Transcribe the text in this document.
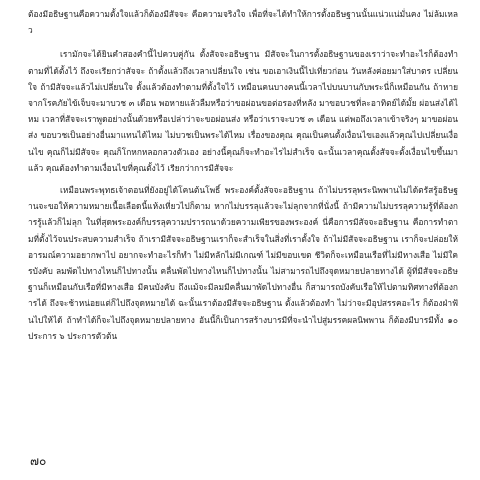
ต้องมีอธิษฐานคือความตั้งใจแล้วก็ต้องมีสัจจะ คือความจริงใจ เพื่อที่จะได้ทำให้การตั้งอธิษฐานนั้นแน่วแน่มั่นคง ไม่ล้มเหลว

เรามักจะได้ยินคำสองคำนี้ไปควบคู่กัน ตั้งสัจจะอธิษฐาน มีสัจจะในการตั้งอธิษฐานของเราว่าจะทำอะไรก็ต้องทำตามที่ได้ตั้งไว้ ถึงจะเรียกว่าสัจจะ ถ้าตั้งแล้วถึงเวลาเปลี่ยนใจ เช่น ขอเอาเงินนี้ไปเที่ยวก่อน วันหลังค่อยมาใส่บาตร เปลี่ยนใจ ถ้ามีสัจจะแล้วไม่เปลี่ยนใจ ตั้งแล้วต้องทำตามที่ตั้งใจไว้ เหมือนคนบางคนนี้เวลาไปบนบานกับพระนี่ก็เหมือนกัน ถ้าหายจากโรคภัยไข้เจ็บจะมาบวช ๓ เดือน พอหายแล้วลืมหรือว่าขอผ่อนขอต่อรองที่หลัง มาขอบวชที่ละอาทิตย์ได้มั้ย ผ่อนส่งได้ไหม เวลาที่สัจจะเราพูดอย่างนั้นด้วยหรือเปล่าว่าจะขอผ่อนส่ง หรือว่าเราจะบวช ๓ เดือน แต่พอถึงเวลาเข้าจริงๆ มาขอผ่อนส่ง ขอบวชเป็นอย่างอื่นมาแทนได้ไหม ไม่บวชเป็นพระได้ไหม เรื่องของคุณ คุณเป็นคนตั้งเงื่อนไขเองแล้วคุณไปเปลี่ยนเงื่อนไข คุณก็ไม่มีสัจจะ คุณก็โกหกหลอกลวงตัวเอง อย่างนี้คุณก็จะทำอะไรไม่สำเร็จ ฉะนั้นเวลาคุณตั้งสัจจะตั้งเงื่อนไขขึ้นมาแล้ว คุณต้องทำตามเงื่อนไขที่คุณตั้งไว้ เรียกว่าการมีสัจจะ

เหมือนพระพุทธเจ้าตอนที่ยังอยู่ได้โคนต้นโพธิ์ พระองค์ตั้งสัจจะอธิษฐาน ถ้าไม่บรรลุพระนิพพานไม่ได้ตรัสรู้อธิษฐานจะขอให้ความหมายเนื้อเลือดนี้แห้งเหี่ยวไปก็ตาม หากไม่บรรลุแล้วจะไม่ลุกจากที่นั่งนี้ ถ้ามีความไม่บรรลุความรู้ที่ต้องการรู้แล้วก็ไม่ลุก ในที่สุดพระองค์ก็บรรลุความปรารถนาด้วยความเพียรของพระองค์ นี่คือการมีสัจจะอธิษฐาน คือการทำตามที่ตั้งไว้จนประสบความสำเร็จ ถ้าเรามีสัจจะอธิษฐานเราก็จะสำเร็จในสิ่งที่เราตั้งใจ ถ้าไม่มีสัจจะอธิษฐาน เราก็จะปล่อยให้อารมณ์ความอยากพาไป อยากจะทำอะไรก็ทำ ไม่มีหลักไม่มีเกณฑ์ ไม่มีขอบเขต ชีวิตก็จะเหมือนเรือที่ไม่มีหางเสือ ไม่มีใครบังคับ ลมพัดไปทางไหนก็ไปทางนั้น คลื่นพัดไปทางไหนก็ไปทางนั้น ไม่สามารถไปถึงจุดหมายปลายทางได้ ผู้ที่มีสัจจะอธิษฐานก็เหมือนกับเรือที่มีหางเสือ มีคนบังคับ ถึงแม้จะมีลมมีคลื่นมาพัดไปทางอื่น ก็สามารถบังคับเรือให้ไปตามทิศทางที่ต้องการได้ ถึงจะช้าหน่อยแต่ก็ไปถึงจุดหมายได้ ฉะนั้นเราต้องมีสัจจะอธิษฐาน ตั้งแล้วต้องทำ ไม่ว่าจะมีอุปสรรคอะไร ก็ต้องฝ่าฟันไปให้ได้ ถ้าทำได้ก็จะไปถึงจุดหมายปลายทาง อันนี้ก็เป็นการสร้างบารมีที่จะนำไปสู่มรรคผลนิพพาน ก็ต้องมีบารมีทั้ง ๑๐ ประการ ๖ ประการตัวต้น

๗๐
